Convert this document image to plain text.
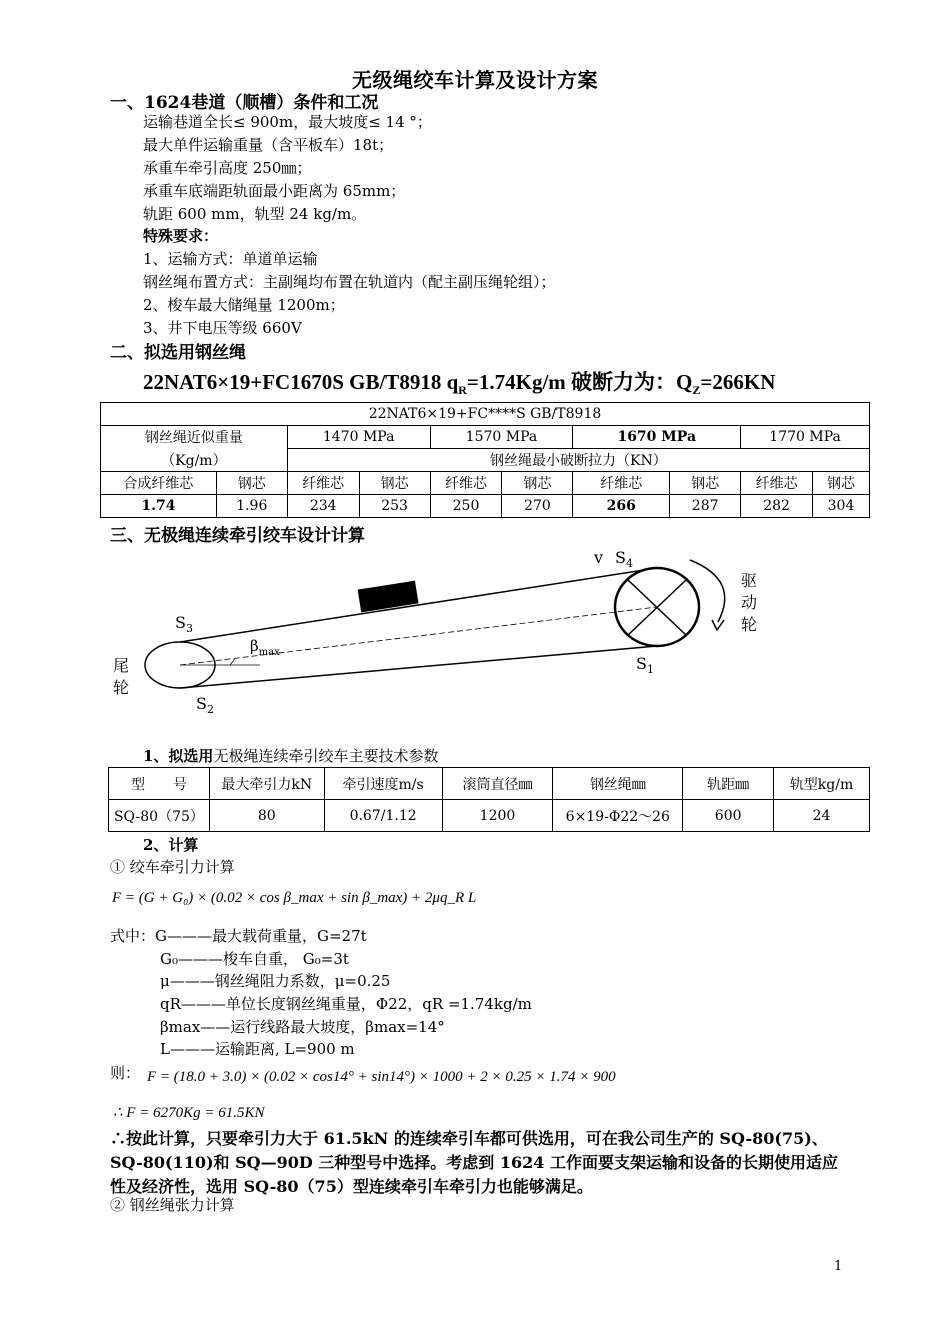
无级绳绞车计算及设计方案
一、1624巷道（顺槽）条件和工况
运输巷道全长≤ 900m，最大坡度≤ 14 °；
最大单件运输重量（含平板车）18t；
承重车牵引高度 250㎜；
承重车底端距轨面最小距离为 65mm；
轨距 600 mm，轨型 24 kg/m。
特殊要求：
1、运输方式：单道单运输
钢丝绳布置方式：主副绳均布置在轨道内（配主副压绳轮组）；
2、梭车最大储绳量 1200m；
3、井下电压等级 660V
二、拟选用钢丝绳
22NAT6×19+FC1670S GB/T8918 $q_R=1.74Kg/m$ 破断力为：$Q_Z=266KN$
22NAT6×19+FC****S GB/T8918									
钢丝绳近似重量		1470 MPa		1570 MPa		1670 MPa		1770 MPa	
（Kg/m）		钢丝绳最小破断拉力（KN）							
合成纤维芯	钢芯	纤维芯	钢芯	纤维芯	钢芯	纤维芯	钢芯	纤维芯	钢芯
1.74	1.96	234	253	250	270	266	287	282	304
三、无极绳连续牵引绞车设计计算
v $S_4$
$S_3$
$S_1$
$S_2$
$\beta_{max}$
驱
动
轮
尾
轮
1、拟选用无极绳连续牵引绞车主要技术参数
型　　号	最大牵引力kN	牵引速度m/s	滚筒直径㎜	钢丝绳㎜	轨距㎜	轨型kg/m
SQ-80（75）	80	0.67/1.12	1200	6×19-Φ22～26	600	24
2、计算
① 绞车牵引力计算
F = (G + G₀) × (0.02 × cos β_max + sin β_max) + 2μq_R L
式中：G———最大载荷重量，G=27t
G₀———梭车自重， G₀=3t
μ———钢丝绳阻力系数，μ=0.25
qR———单位长度钢丝绳重量，Φ22，qR =1.74kg/m
βmax——运行线路最大坡度，βmax=14°
L———运输距离, L=900 m
则： F = (18.0 + 3.0) × (0.02 × cos14° + sin14°) × 1000 + 2 × 0.25 × 1.74 × 900
∴ F = 6270Kg = 61.5KN
∴按此计算，只要牵引力大于 61.5kN 的连续牵引车都可供选用，可在我公司生产的 SQ-80(75)、SQ-80(110)和 SQ—90D 三种型号中选择。考虑到 1624 工作面要支架运输和设备的长期使用适应性及经济性，选用 SQ-80（75）型连续牵引车牵引力也能够满足。
② 钢丝绳张力计算
1
